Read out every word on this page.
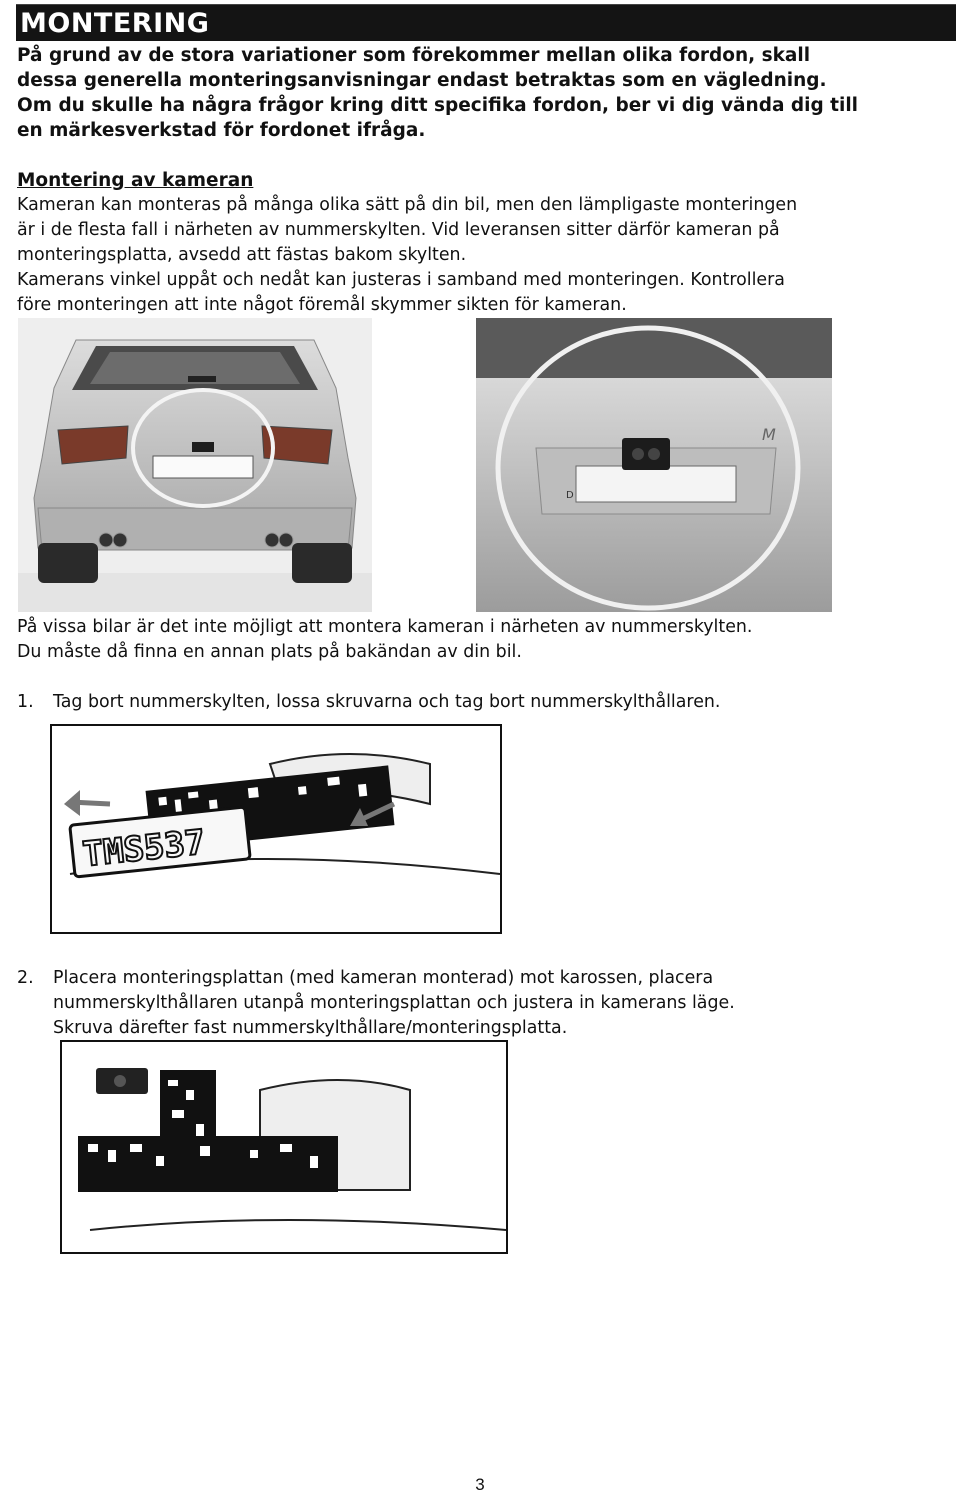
MONTERING

På grund av de stora variationer som förekommer mellan olika fordon, skall
dessa generella monteringsanvisningar endast betraktas som en vägledning.
Om du skulle ha några frågor kring ditt specifika fordon, ber vi dig vända dig till
en märkesverkstad för fordonet ifråga.

Montering av kameran

Kameran kan monteras på många olika sätt på din bil, men den lämpligaste monteringen
är i de flesta fall i närheten av nummerskylten. Vid leveransen sitter därför kameran på
monteringsplatta, avsedd att fästas bakom skylten.
Kamerans vinkel uppåt och nedåt kan justeras i samband med monteringen. Kontrollera
före monteringen att inte något föremål skymmer sikten för kameran.

D
M

På vissa bilar är det inte möjligt att montera kameran i närheten av nummerskylten.
Du måste då finna en annan plats på bakändan av din bil.

1. Tag bort nummerskylten, lossa skruvarna och tag bort nummerskylthållaren.
TMS537
2. Placera monteringsplattan (med kameran monterad) mot karossen, placera
nummerskylthållaren utanpå monteringsplattan och justera in kamerans läge.
Skruva därefter fast nummerskylthållare/monteringsplatta.
3
